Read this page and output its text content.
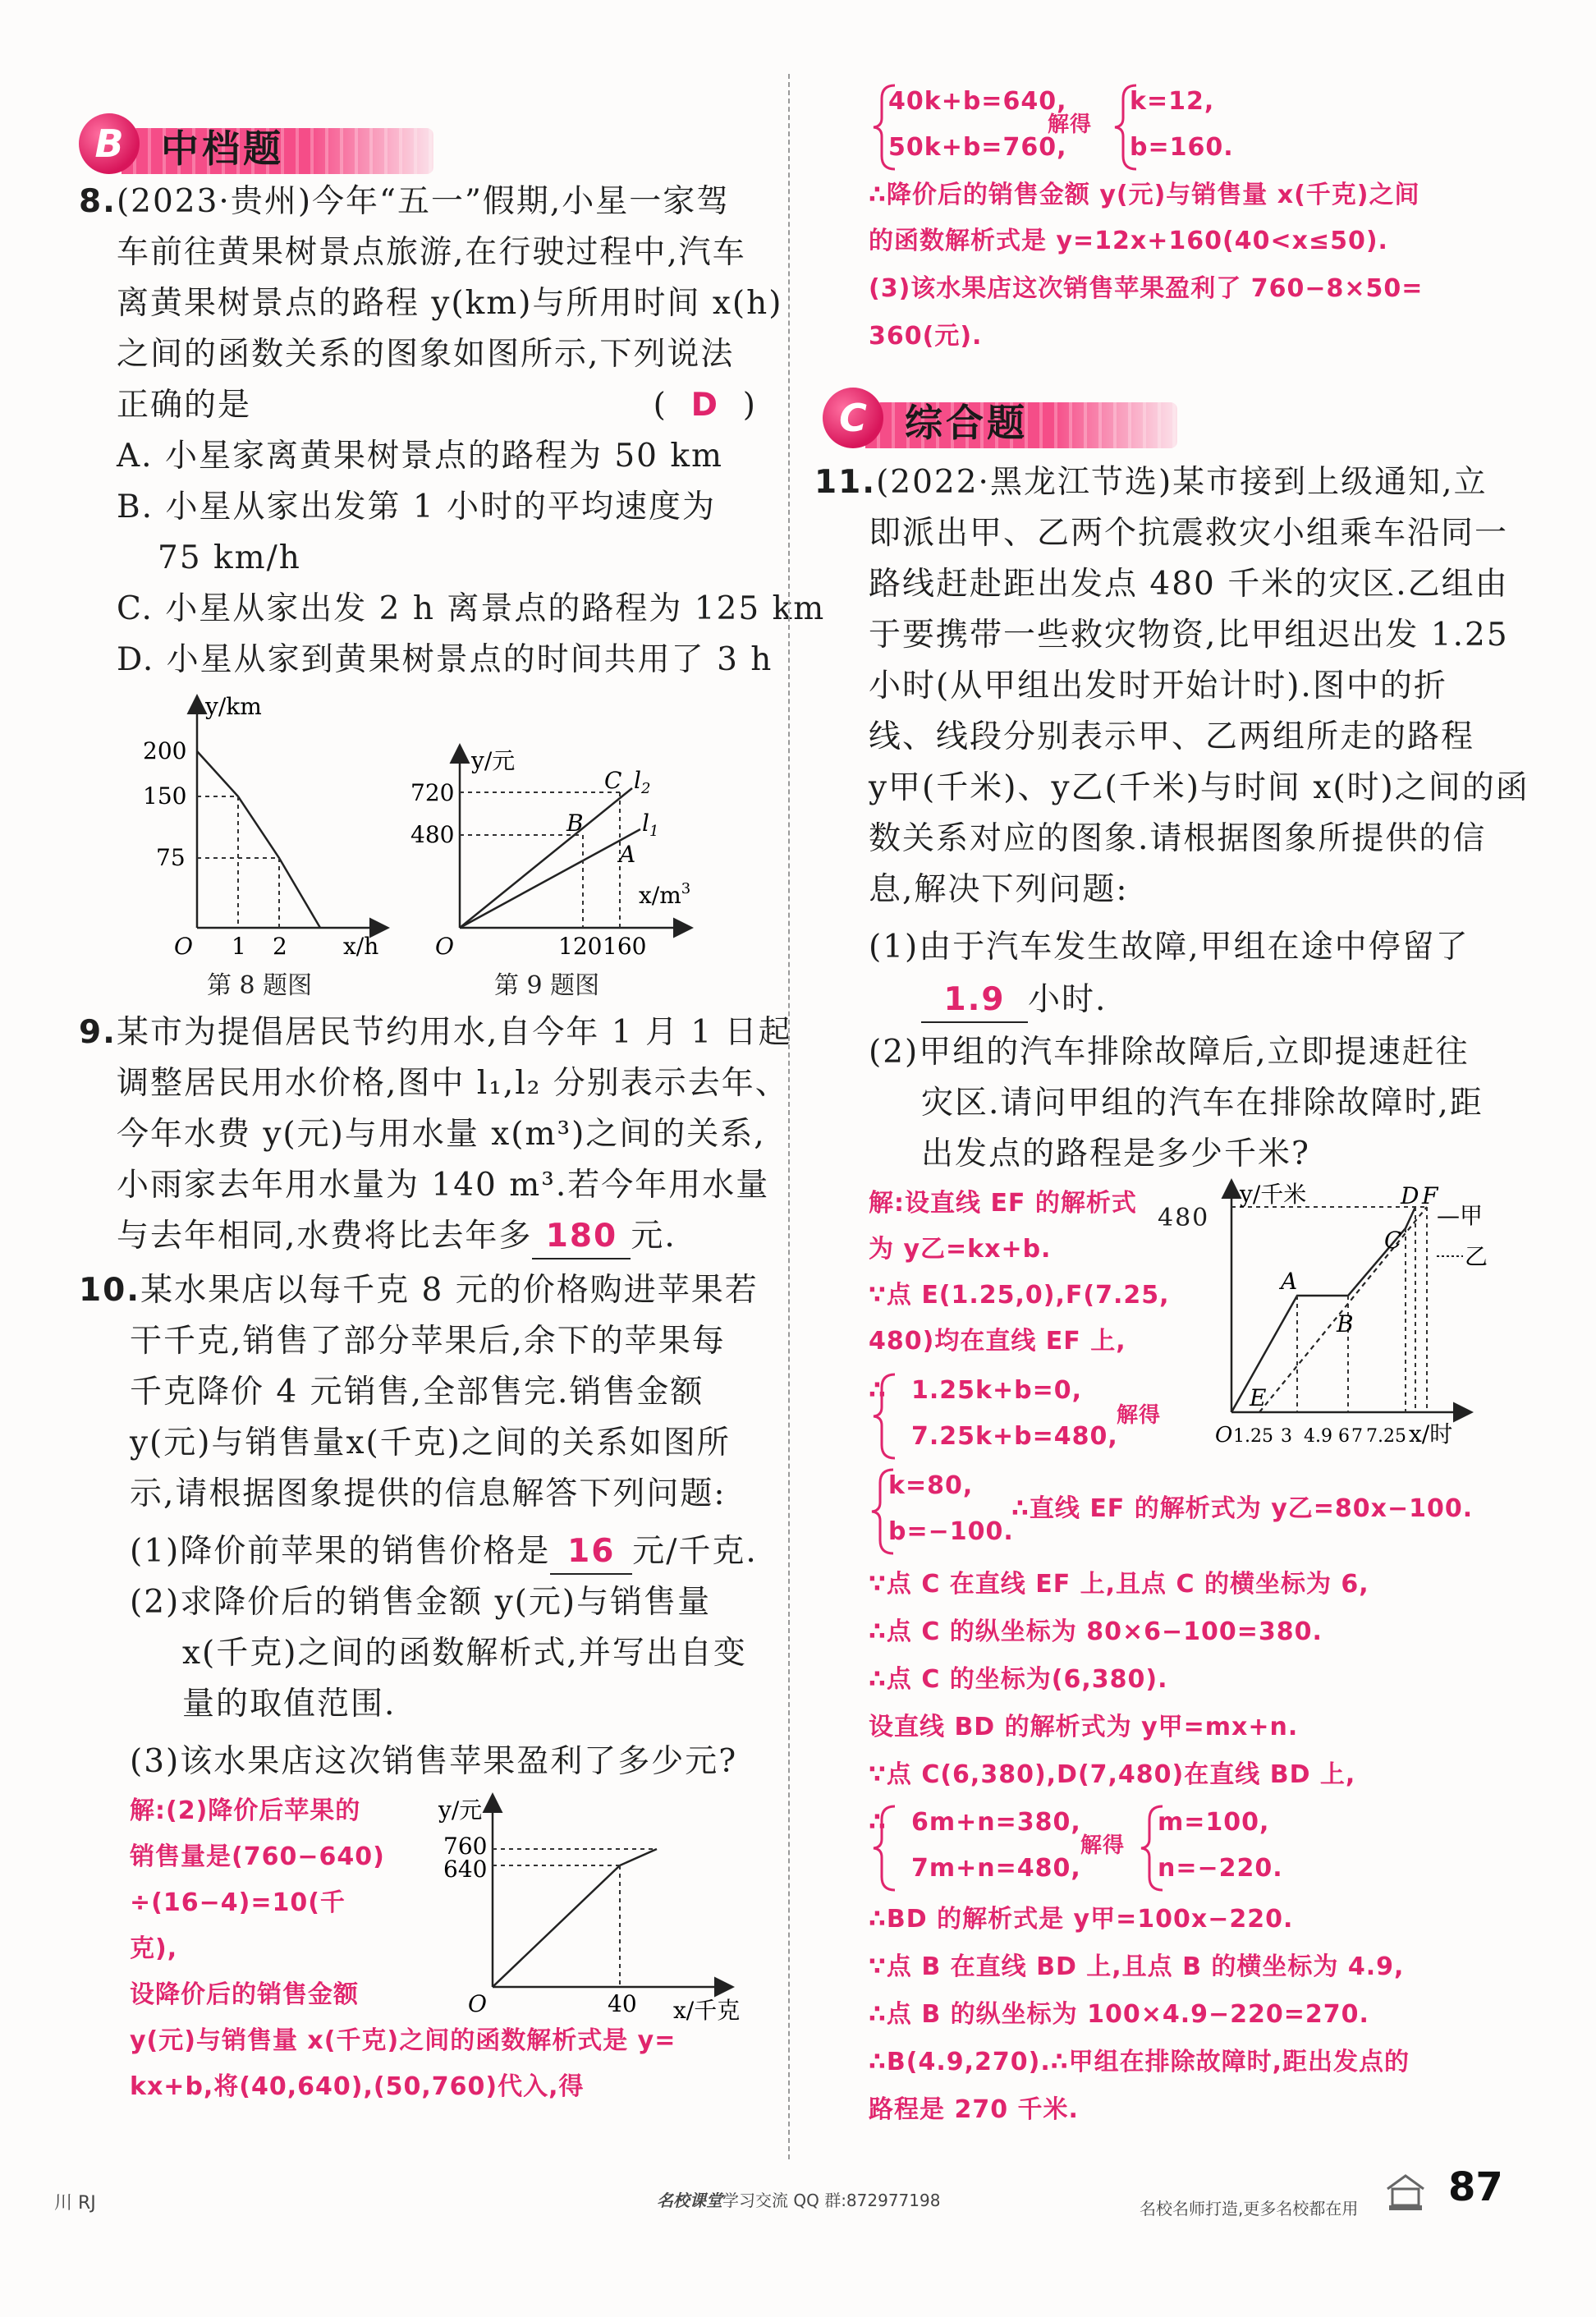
B 中档题
8.(2023·贵州)今年“五一”假期,小星一家驾
车前往黄果树景点旅游,在行驶过程中,汽车
离黄果树景点的路程 y(km)与所用时间 x(h)
之间的函数关系的图象如图所示,下列说法
正确的是	( D )
A. 小星家离黄果树景点的路程为 50 km
B. 小星从家出发第 1 小时的平均速度为
75 km/h
C. 小星从家出发 2 h 离景点的路程为 125 km
D. 小星从家到黄果树景点的时间共用了 3 h
y/km
200
150
75
O 1 2 x/h
第 8 题图
y/元
720
480
C
B
A
$l_2$
$l_1$
$x/m^3$
O	120 160
第 9 题图
9.某市为提倡居民节约用水,自今年 1 月 1 日起
调整居民用水价格,图中 l₁,l₂ 分别表示去年、
今年水费 y(元)与用水量 x(m³)之间的关系,
小雨家去年用水量为 140 m³.若今年用水量
与去年相同,水费将比去年多 180 元.
10.某水果店以每千克 8 元的价格购进苹果若
干千克,销售了部分苹果后,余下的苹果每
千克降价 4 元销售,全部售完.销售金额
y(元)与销售量x(千克)之间的关系如图所
示,请根据图象提供的信息解答下列问题:
(1)降价前苹果的销售价格是 16 元/千克.
(2)求降价后的销售金额 y(元)与销售量
x(千克)之间的函数解析式,并写出自变
量的取值范围.
(3)该水果店这次销售苹果盈利了多少元?
解:(2)降价后苹果的
销售量是(760−640)
÷(16−4)=10(千
克),
设降价后的销售金额
y(元)与销售量 x(千克)之间的函数解析式是 y=
kx+b,将(40,640),(50,760)代入,得
y/元
760
640
O	40 x/千克
40k+b=640,
50k+b=760,
解得
k=12,
b=160.
∴降价后的销售金额 y(元)与销售量 x(千克)之间
的函数解析式是 y=12x+160(40<x≤50).
(3)该水果店这次销售苹果盈利了 760−8×50=
360(元).
C	综合题
11.(2022·黑龙江节选)某市接到上级通知,立
即派出甲、乙两个抗震救灾小组乘车沿同一
路线赶赴距出发点 480 千米的灾区.乙组由
于要携带一些救灾物资,比甲组迟出发 1.25
小时(从甲组出发时开始计时).图中的折
线、线段分别表示甲、乙两组所走的路程
y甲(千米)、y乙(千米)与时间 x(时)之间的函
数关系对应的图象.请根据图象所提供的信
息,解决下列问题:
(1)由于汽车发生故障,甲组在途中停留了
1.9 小时.
(2)甲组的汽车排除故障后,立即提速赶往
灾区.请问甲组的汽车在排除故障时,距
出发点的路程是多少千米?
解:设直线 EF 的解析式
为 y乙=kx+b.
∵点 E(1.25,0),F(7.25,
480)均在直线 EF 上,
y/千米	D F
C
A
B
E
O 1.25 3 4.9 6 7 7.25 x/时
—甲
乙
480
∴ 1.25k+b=0,
7.25k+b=480,
解得
k=80,
b=−100.
∴直线 EF 的解析式为 y乙=80x−100.
∵点 C 在直线 EF 上,且点 C 的横坐标为 6,
∴点 C 的纵坐标为 80×6−100=380.
∴点 C 的坐标为(6,380).
设直线 BD 的解析式为 y甲=mx+n.
∵点 C(6,380),D(7,480)在直线 BD 上,
∴ 6m+n=380,
7m+n=480,
解得
m=100,
n=−220.
∴BD 的解析式是 y甲=100x−220.
∵点 B 在直线 BD 上,且点 B 的横坐标为 4.9,
∴点 B 的纵坐标为 100×4.9−220=270.
∴B(4.9,270).∴甲组在排除故障时,距出发点的
路程是 270 千米.
川 RJ	名校课堂学习交流 QQ 群:872977198	名校名师打造,更多名校都在用 87
